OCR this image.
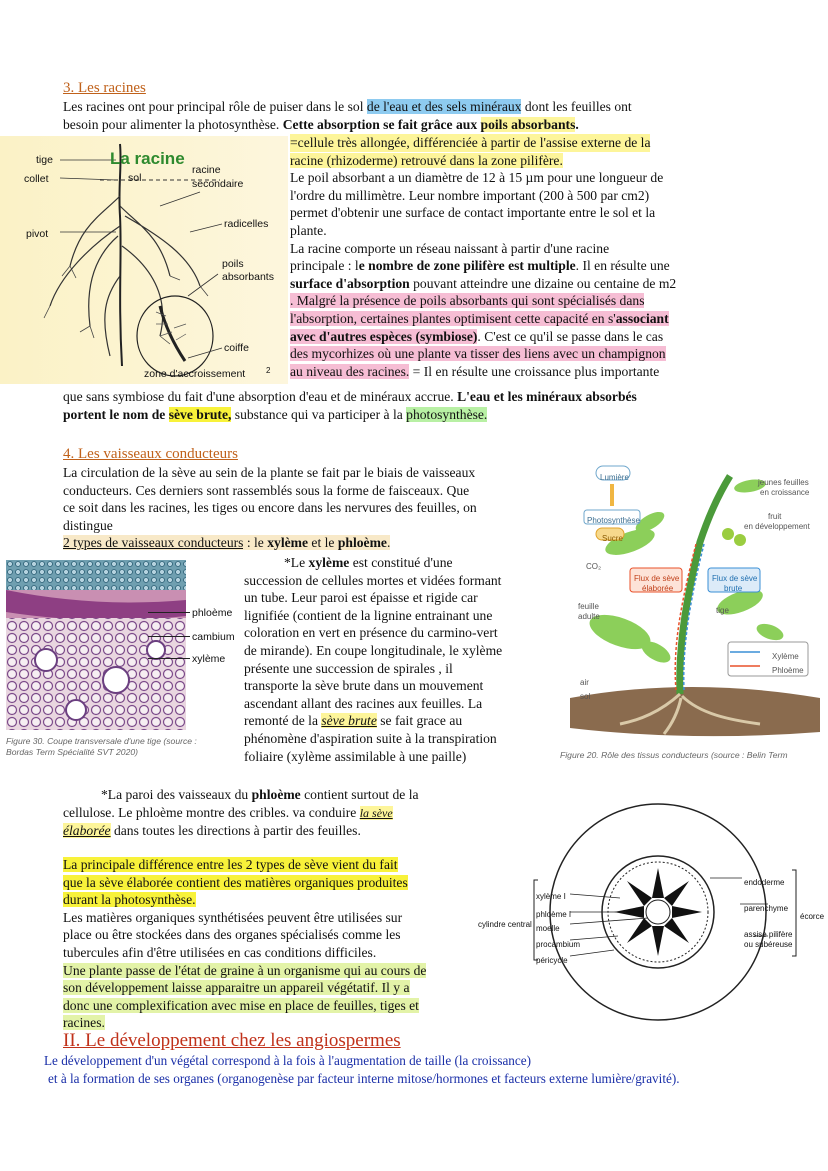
3. Les racines
Les racines ont pour principal rôle de puiser dans le sol de l'eau et des sels minéraux dont les feuilles ont
besoin pour alimenter la photosynthèse. Cette absorption se fait grâce aux poils absorbants.
La racine
tige
collet	sol
racine
secondaire
pivot
radicelles
poils
absorbants
coiffe
zone d'accroissement	2
=cellule très allongée, différenciée à partir de l'assise externe de la
racine (rhizoderme) retrouvé dans la zone pilifère.
Le poil absorbant a un diamètre de 12 à 15 µm pour une longueur de
l'ordre du millimètre. Leur nombre important (200 à 500 par cm2)
permet d'obtenir une surface de contact importante entre le sol et la
plante.
La racine comporte un réseau naissant à partir d'une racine
principale : le nombre de zone pilifère est multiple. Il en résulte une
surface d'absorption pouvant atteindre une dizaine ou centaine de m2
. Malgré la présence de poils absorbants qui sont spécialisés dans
l'absorption, certaines plantes optimisent cette capacité en s'associant
avec d'autres espèces (symbiose). C'est ce qu'il se passe dans le cas
des mycorhizes où une plante va tisser des liens avec un champignon
au niveau des racines. = Il en résulte une croissance plus importante
que sans symbiose du fait d'une absorption d'eau et de minéraux accrue. L'eau et les minéraux absorbés
portent le nom de sève brute, substance qui va participer à la photosynthèse.
4. Les vaisseaux conducteurs
La circulation de la sève au sein de la plante se fait par le biais de vaisseaux
conducteurs. Ces derniers sont rassemblés sous la forme de faisceaux. Que
ce soit dans les racines, les tiges ou encore dans les nervures des feuilles, on
distingue
2 types de vaisseaux conducteurs : le xylème et le phloème.
phloème
cambium
xylème
Figure 30. Coupe transversale d'une tige (source :
Bordas Term Spécialité SVT 2020)
*Le xylème est constitué d'une
succession de cellules mortes et vidées formant
un tube. Leur paroi est épaisse et rigide car
lignifiée (contient de la lignine entrainant une
coloration en vert en présence du carmino-vert
de mirande). En coupe longitudinale, le xylème
présente une succession de spirales , il
transporte la sève brute dans un mouvement
ascendant allant des racines aux feuilles. La
remonté de la sève brute se fait grace au
phénomène d'aspiration suite à la transpiration
foliaire (xylème assimilable à une paille)
Lumière
jeunes feuilles
en croissance
Photosynthèse
Sucre
CO₂
fruit
en développement
Flux de sève
élaborée
Flux de sève
brute
feuille
adulte
tige
Xylème
Phloème
air
sol
Figure 20. Rôle des tissus conducteurs (source : Belin Term
*La paroi des vaisseaux du phloème contient surtout de la
cellulose. Le phloème montre des cribles. va conduire la sève
élaborée dans toutes les directions à partir des feuilles.
La principale différence entre les 2 types de sève vient du fait
que la sève élaborée contient des matières organiques produites
durant la photosynthèse.
Les matières organiques synthétisées peuvent être utilisées sur
place ou être stockées dans des organes spécialisés comme les
tubercules afin d'être utilisées en cas conditions difficiles.
Une plante passe de l'état de graine à un organisme qui au cours de
son développement laisse apparaitre un appareil végétatif. Il y a
donc une complexification avec mise en place de feuilles, tiges et
racines.
xylème I
phloème I
moelle
procambium
péricycle
cylindre central
endoderme
parenchyme
assise pilifère
ou subéreuse
écorce
II. Le développement chez les angiospermes
Le développement d'un végétal correspond à la fois à l'augmentation de taille (la croissance)
et à la formation de ses organes (organogenèse par facteur interne mitose/hormones et facteurs externe lumière/gravité).
